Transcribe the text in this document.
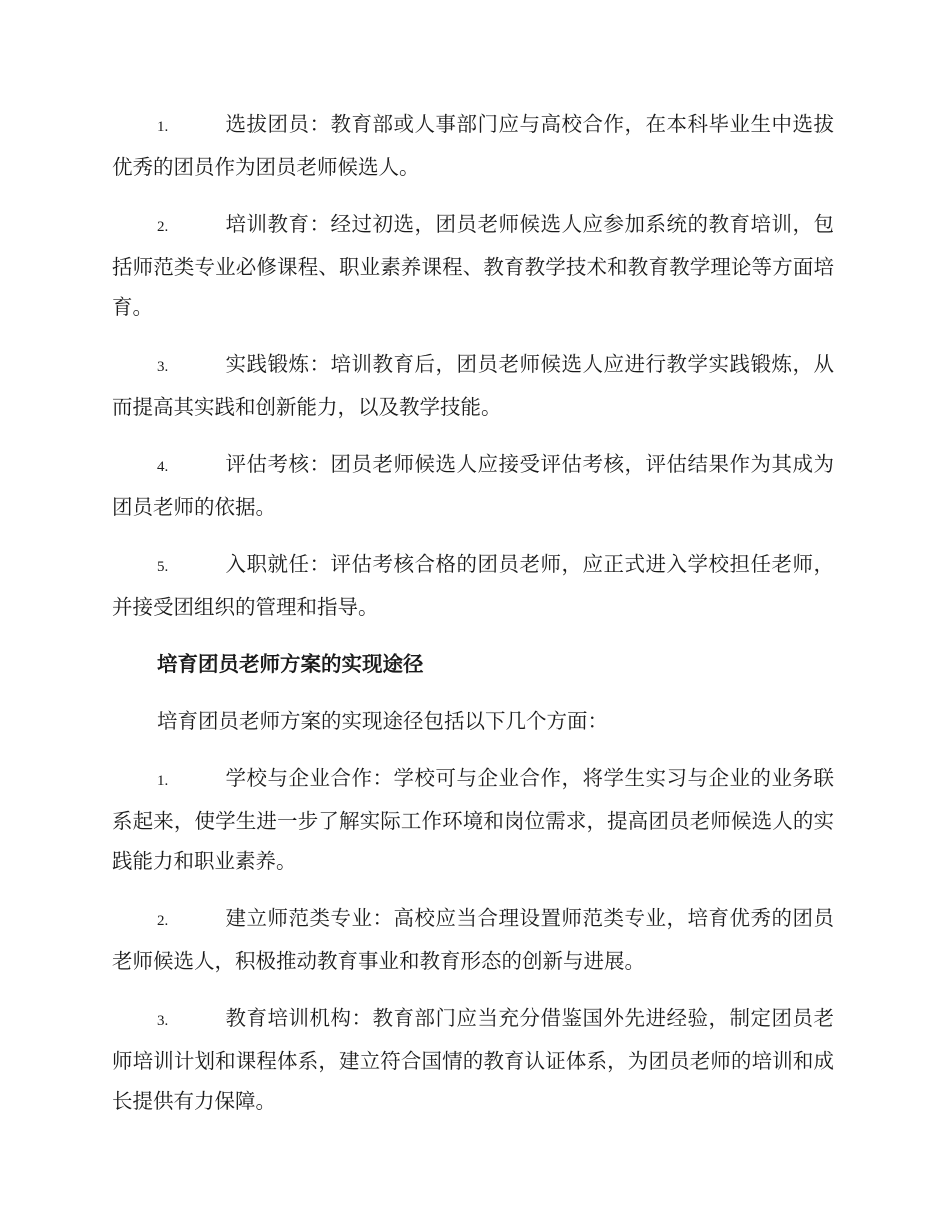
1.	选拔团员：教育部或人事部门应与高校合作，在本科毕业生中选拔优秀的团员作为团员老师候选人。

2.	培训教育：经过初选，团员老师候选人应参加系统的教育培训，包括师范类专业必修课程、职业素养课程、教育教学技术和教育教学理论等方面培育。

3.	实践锻炼：培训教育后，团员老师候选人应进行教学实践锻炼，从而提高其实践和创新能力，以及教学技能。

4.	评估考核：团员老师候选人应接受评估考核，评估结果作为其成为团员老师的依据。

5.	入职就任：评估考核合格的团员老师，应正式进入学校担任老师，并接受团组织的管理和指导。

培育团员老师方案的实现途径

培育团员老师方案的实现途径包括以下几个方面：

1.	学校与企业合作：学校可与企业合作，将学生实习与企业的业务联系起来，使学生进一步了解实际工作环境和岗位需求，提高团员老师候选人的实践能力和职业素养。

2.	建立师范类专业：高校应当合理设置师范类专业，培育优秀的团员老师候选人，积极推动教育事业和教育形态的创新与进展。

3.	教育培训机构：教育部门应当充分借鉴国外先进经验，制定团员老师培训计划和课程体系，建立符合国情的教育认证体系，为团员老师的培训和成长提供有力保障。
